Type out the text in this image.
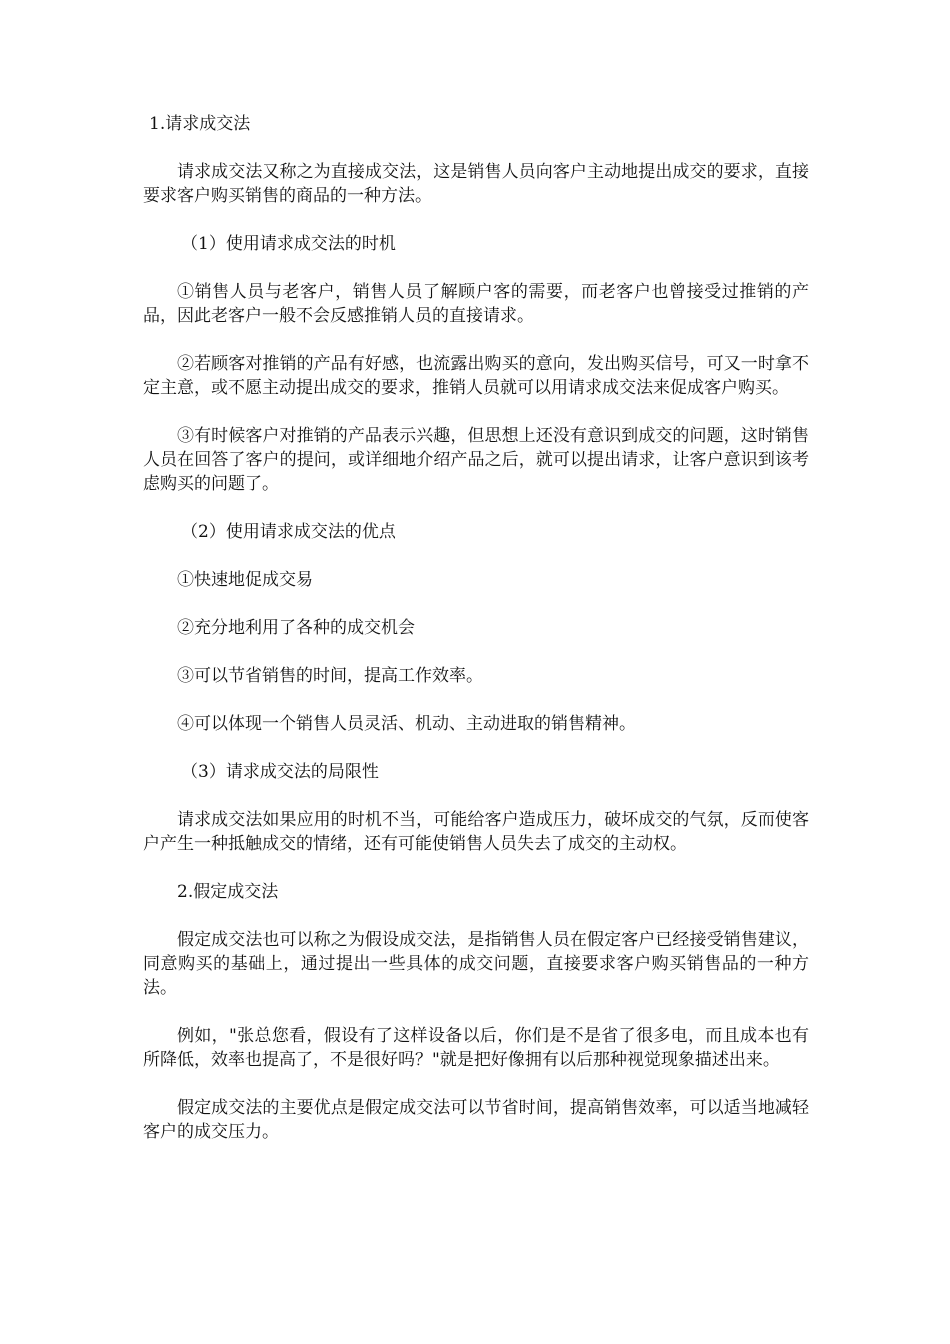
1.请求成交法

请求成交法又称之为直接成交法，这是销售人员向客户主动地提出成交的要求，直接要求客户购买销售的商品的一种方法。

（1）使用请求成交法的时机

①销售人员与老客户，销售人员了解顾户客的需要，而老客户也曾接受过推销的产品，因此老客户一般不会反感推销人员的直接请求。

②若顾客对推销的产品有好感，也流露出购买的意向，发出购买信号，可又一时拿不定主意，或不愿主动提出成交的要求，推销人员就可以用请求成交法来促成客户购买。

③有时候客户对推销的产品表示兴趣，但思想上还没有意识到成交的问题，这时销售人员在回答了客户的提问，或详细地介绍产品之后，就可以提出请求，让客户意识到该考虑购买的问题了。

（2）使用请求成交法的优点

①快速地促成交易

②充分地利用了各种的成交机会

③可以节省销售的时间，提高工作效率。

④可以体现一个销售人员灵活、机动、主动进取的销售精神。

（3）请求成交法的局限性

请求成交法如果应用的时机不当，可能给客户造成压力，破坏成交的气氛，反而使客户产生一种抵触成交的情绪，还有可能使销售人员失去了成交的主动权。

2.假定成交法

假定成交法也可以称之为假设成交法，是指销售人员在假定客户已经接受销售建议，同意购买的基础上，通过提出一些具体的成交问题，直接要求客户购买销售品的一种方法。

例如，"张总您看，假设有了这样设备以后，你们是不是省了很多电，而且成本也有所降低，效率也提高了，不是很好吗？"就是把好像拥有以后那种视觉现象描述出来。

假定成交法的主要优点是假定成交法可以节省时间，提高销售效率，可以适当地减轻客户的成交压力。
